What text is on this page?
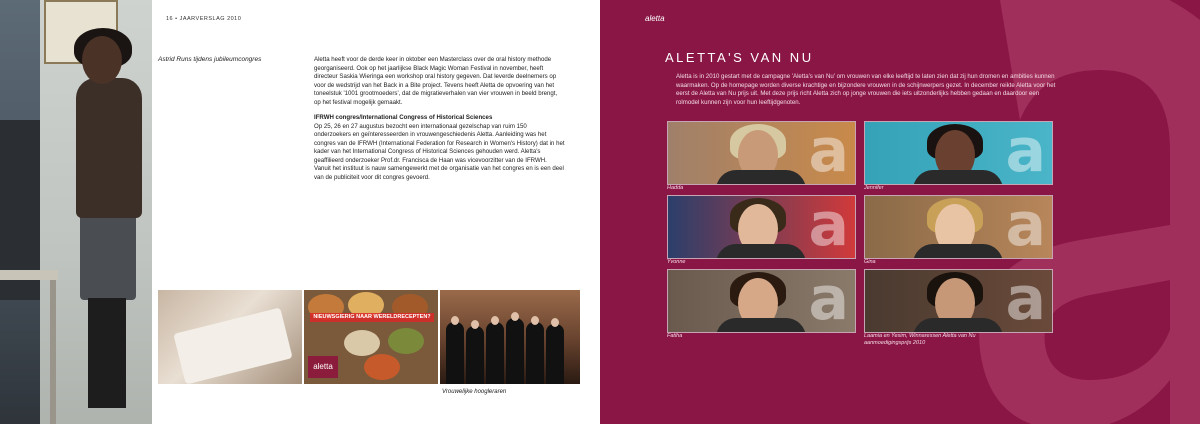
16 • JAARVERSLAG 2010
Astrid Runs tijdens jubileumcongres	Aletta heeft voor de derde keer in oktober een Masterclass over de oral history methode georganiseerd. Ook op het jaarlijkse Black Magic Woman Festival in november, heeft directeur Saskia Wieringa een workshop oral history gegeven. Dat leverde deelnemers op voor de wedstrijd van het Back in a Bite project. Tevens heeft Aletta de opvoering van het toneelstuk '1001 grootmoeders', dat de migratieverhalen van vier vrouwen in beeld brengt, op het festival mogelijk gemaakt.

IFRWH congres/International Congress of Historical Sciences

Op 25, 26 en 27 augustus bezocht een internationaal gezelschap van ruim 150 onderzoekers en geïnteresseerden in vrouwengeschiedenis Aletta. Aanleiding was het congres van de IFRWH (International Federation for Research in Women's History) dat in het kader van het International Congress of Historical Sciences gehouden werd. Aletta's geaffilieerd onderzoeker Prof.dr. Francisca de Haan was vicevoorzitter van de IFRWH. Vanuit het instituut is nauw samengewerkt met de organisatie van het congres en is een deel van de publiciteit voor dit congres gevoerd.

NIEUWSGIERIG NAAR WERELDRECEPTEN?
aletta
Vrouwelijke hoogleraren
aletta
ALETTA'S VAN NU
Aletta is in 2010 gestart met de campagne 'Aletta's van Nu' om vrouwen van elke leeftijd te laten zien dat zij hun dromen en ambities kunnen waarmaken. Op de homepage worden diverse krachtige en bijzondere vrouwen in de schijnwerpers gezet. In december reikte Aletta voor het eerst de Aletta van Nu prijs uit. Met deze prijs richt Aletta zich op jonge vrouwen die iets uitzonderlijks hebben gedaan en daardoor een rolmodel kunnen zijn voor hun leeftijdgenoten.
a
Hadda
a
Jennifer
a
Yvonne
a
Gina
a
Fatiha
a
Laamia en Yesim, Winnaressen Aletta van Nu aanmoedigingsprijs 2010
